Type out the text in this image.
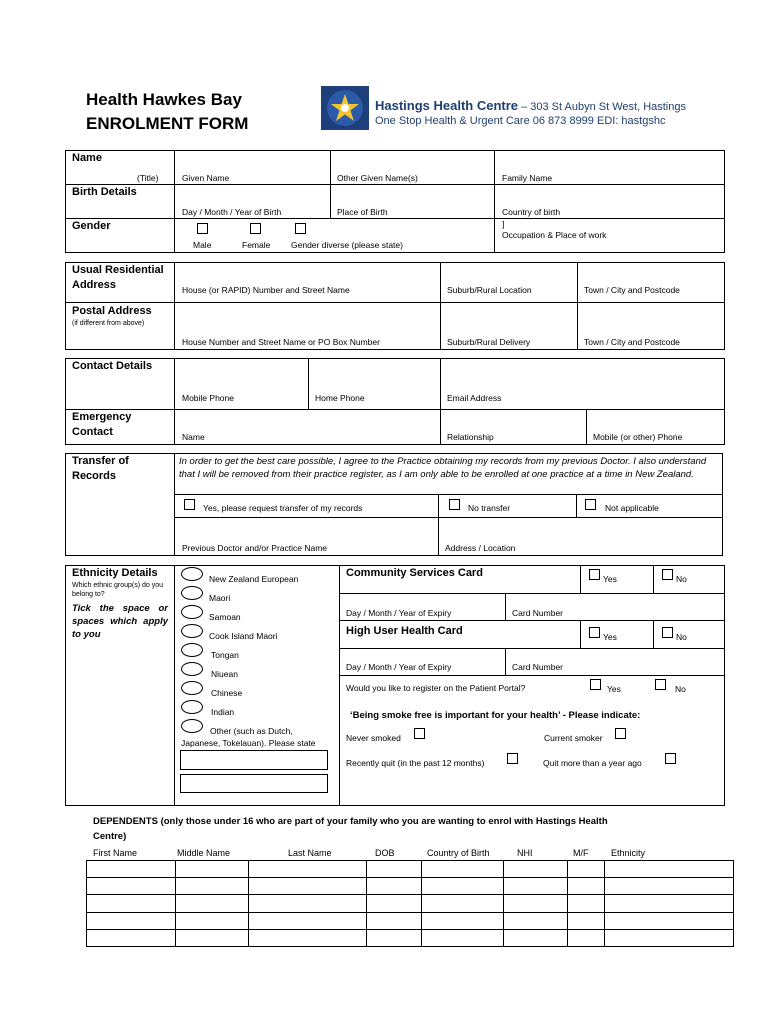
Health Hawkes Bay
ENROLMENT FORM
Hastings Health Centre – 303 St Aubyn St West, Hastings
One Stop Health & Urgent Care 06 873 8999 EDI: hastgshc
Name
(Title)	Given Name	Other Given Name(s)	Family Name
Birth Details
Day / Month / Year of Birth	Place of Birth	Country of birth
Gender
Male	Female Gender diverse (please state)
]
Occupation & Place of work
Usual Residential
Address	House (or RAPID) Number and Street Name	Suburb/Rural Location	Town / City and Postcode
Postal Address
(if different from above)
House Number and Street Name or PO Box Number	Suburb/Rural Delivery	Town / City and Postcode
Contact Details
Mobile Phone	Home Phone	Email Address
Emergency
Contact	Name	Relationship	Mobile (or other) Phone
Transfer of
Records
In order to get the best care possible, I agree to the Practice obtaining my records from my previous Doctor. I also understand that I will be removed from their practice register, as I am only able to be enrolled at one practice at a time in New Zealand.
Yes, please request transfer of my records	No transfer	Not applicable
Previous Doctor and/or Practice Name	Address / Location
Ethnicity Details
Which ethnic group(s) do you belong to?
Tick the space or spaces which apply to you
New Zealand European
Maori
Samoan
Cook Island Maori
Tongan
Niuean
Chinese
Indian
Other (such as Dutch,
Japanese, Tokelauan). Please state
Community Services Card	Yes	No
Day / Month / Year of Expiry	Card Number
High User Health Card	Yes	No
Day / Month / Year of Expiry	Card Number
Would you like to register on the Patient Portal?	Yes	No
‘Being smoke free is important for your health’ - Please indicate:
Never smoked	Current smoker
Recently quit (in the past 12 months)	Quit more than a year ago
DEPENDENTS (only those under 16 who are part of your family who you are wanting to enrol with Hastings Health
Centre)
First Name	Middle Name	Last Name	DOB	Country of Birth	NHI	M/F	Ethnicity
